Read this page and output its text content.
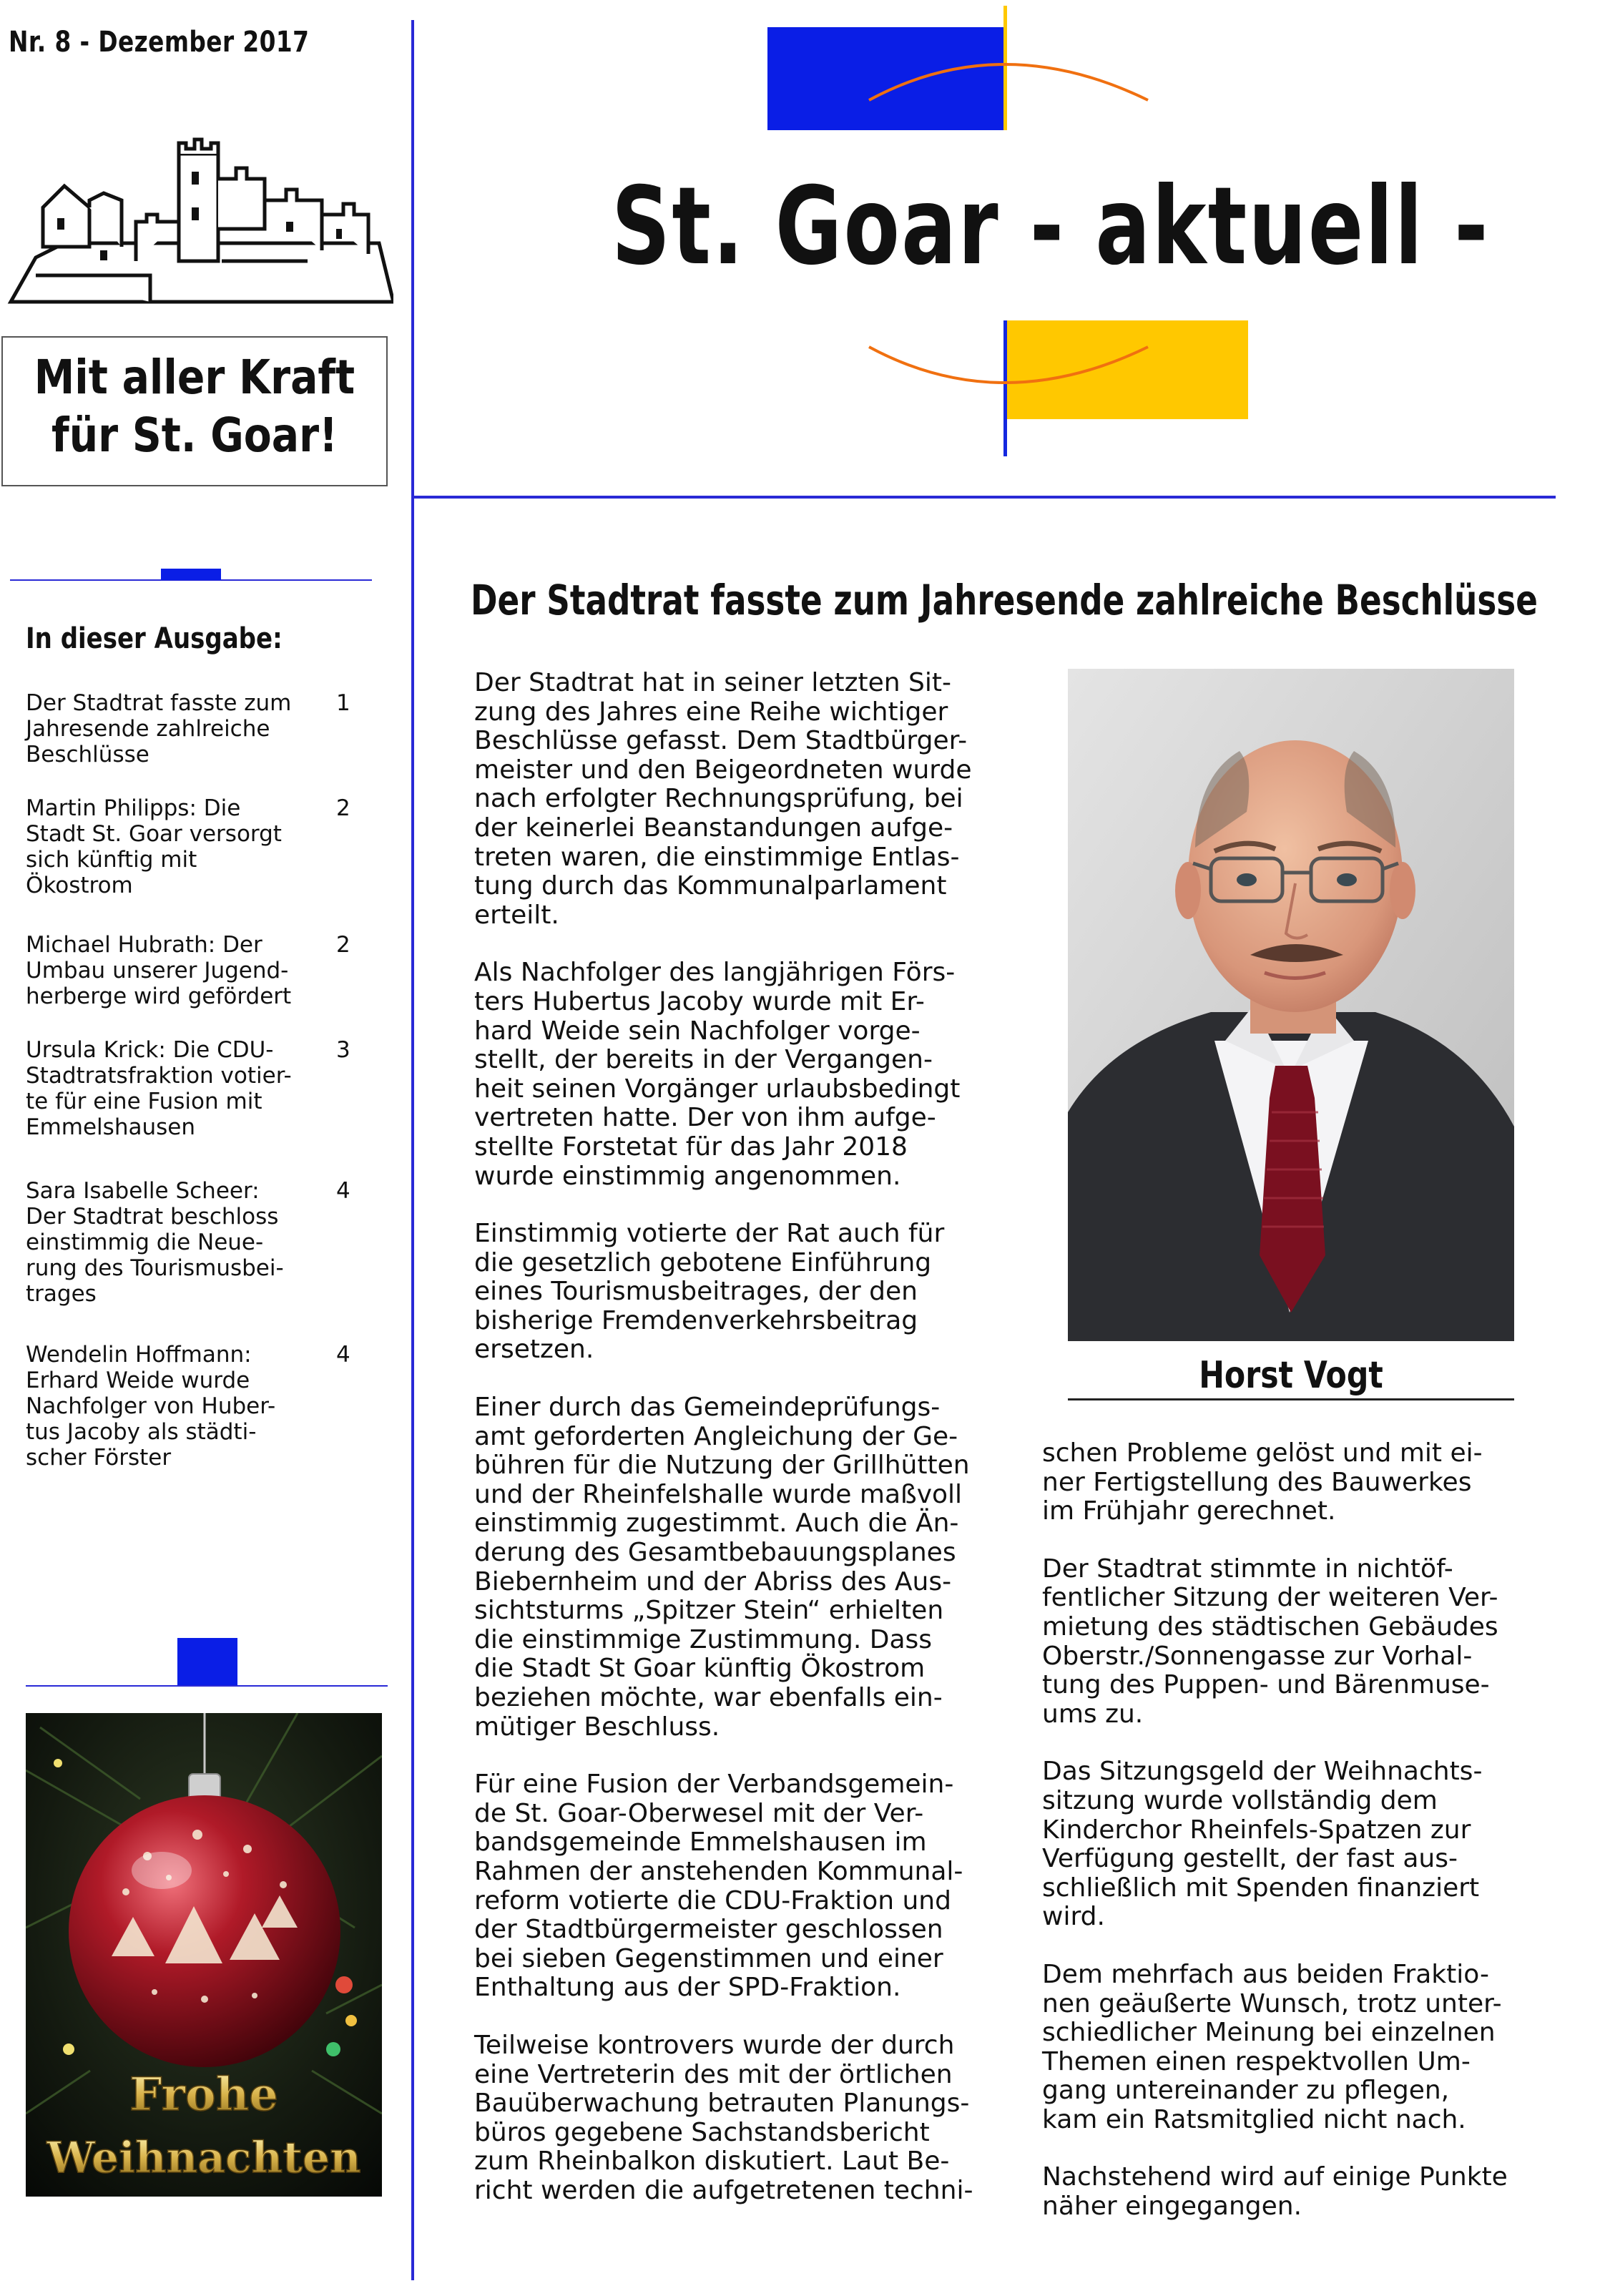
Nr. 8 - Dezember 2017
Mit aller Kraft
für St. Goar!
St. Goar - aktuell -
In dieser Ausgabe:
Der Stadtrat fasste zum
Jahresende zahlreiche
Beschlüsse
1
Martin Philipps: Die
Stadt St. Goar versorgt
sich künftig mit
Ökostrom
2
Michael Hubrath: Der
Umbau unserer Jugend-
herberge wird gefördert
2
Ursula Krick: Die CDU-
Stadtratsfraktion votier-
te für eine Fusion mit
Emmelshausen
3
Sara Isabelle Scheer:
Der Stadtrat beschloss
einstimmig die Neue-
rung des Tourismusbei-
trages
4
Wendelin Hoffmann:
Erhard Weide wurde
Nachfolger von Huber-
tus Jacoby als städti-
scher Förster
4
Frohe
Weihnachten
Der Stadtrat fasste zum Jahresende zahlreiche Beschlüsse

Der Stadtrat hat in seiner letzten Sit-
zung des Jahres eine Reihe wichtiger
Beschlüsse gefasst. Dem Stadtbürger-
meister und den Beigeordneten wurde
nach erfolgter Rechnungsprüfung, bei
der keinerlei Beanstandungen aufge-
treten waren, die einstimmige Entlas-
tung durch das Kommunalparlament
erteilt.

Als Nachfolger des langjährigen Förs-
ters Hubertus Jacoby wurde mit Er-
hard Weide sein Nachfolger vorge-
stellt, der bereits in der Vergangen-
heit seinen Vorgänger urlaubsbedingt
vertreten hatte. Der von ihm aufge-
stellte Forstetat für das Jahr 2018
wurde einstimmig angenommen.

Einstimmig votierte der Rat auch für
die gesetzlich gebotene Einführung
eines Tourismusbeitrages, der den
bisherige Fremdenverkehrsbeitrag
ersetzen.

Einer durch das Gemeindeprüfungs-
amt geforderten Angleichung der Ge-
bühren für die Nutzung der Grillhütten
und der Rheinfelshalle wurde maßvoll
einstimmig zugestimmt. Auch die Än-
derung des Gesamtbebauungsplanes
Biebernheim und der Abriss des Aus-
sichtsturms „Spitzer Stein“ erhielten
die einstimmige Zustimmung. Dass
die Stadt St Goar künftig Ökostrom
beziehen möchte, war ebenfalls ein-
mütiger Beschluss.

Für eine Fusion der Verbandsgemein-
de St. Goar-Oberwesel mit der Ver-
bandsgemeinde Emmelshausen im
Rahmen der anstehenden Kommunal-
reform votierte die CDU-Fraktion und
der Stadtbürgermeister geschlossen
bei sieben Gegenstimmen und einer
Enthaltung aus der SPD-Fraktion.

Teilweise kontrovers wurde der durch
eine Vertreterin des mit der örtlichen
Bauüberwachung betrauten Planungs-
büros gegebene Sachstandsbericht
zum Rheinbalkon diskutiert. Laut Be-
richt werden die aufgetretenen techni-

Horst Vogt

schen Probleme gelöst und mit ei-
ner Fertigstellung des Bauwerkes
im Frühjahr gerechnet.

Der Stadtrat stimmte in nichtöf-
fentlicher Sitzung der weiteren Ver-
mietung des städtischen Gebäudes
Oberstr./Sonnengasse zur Vorhal-
tung des Puppen- und Bärenmuse-
ums zu.

Das Sitzungsgeld der Weihnachts-
sitzung wurde vollständig dem
Kinderchor Rheinfels-Spatzen zur
Verfügung gestellt, der fast aus-
schließlich mit Spenden finanziert
wird.

Dem mehrfach aus beiden Fraktio-
nen geäußerte Wunsch, trotz unter-
schiedlicher Meinung bei einzelnen
Themen einen respektvollen Um-
gang untereinander zu pflegen,
kam ein Ratsmitglied nicht nach.

Nachstehend wird auf einige Punkte
näher eingegangen.
